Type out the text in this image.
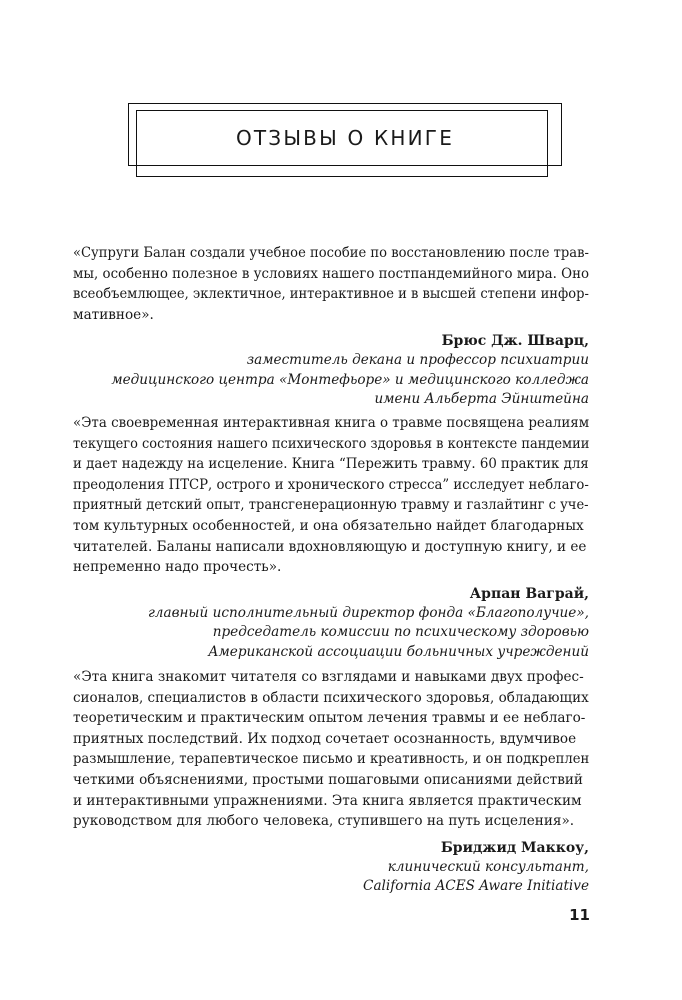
ОТЗЫВЫ О КНИГЕ

«Супруги Балан создали учебное пособие по восстановлению после трав-

мы, особенно полезное в условиях нашего постпандемийного мира. Оно

всеобъемлющее, эклектичное, интерактивное и в высшей степени инфор-

мативное».

Брюс Дж. Шварц,
заместитель декана и профессор психиатрии
медицинского центра «Монтефьоре» и медицинского колледжа
имени Альберта Эйнштейна

«Эта своевременная интерактивная книга о травме посвящена реалиям

текущего состояния нашего психического здоровья в контексте пандемии

и дает надежду на исцеление. Книга “Пережить травму. 60 практик для

преодоления ПТСР, острого и хронического стресса” исследует неблаго-

приятный детский опыт, трансгенерационную травму и газлайтинг с уче-

том культурных особенностей, и она обязательно найдет благодарных

читателей. Баланы написали вдохновляющую и доступную книгу, и ее

непременно надо прочесть».

Арпан Ваграй,
главный исполнительный директор фонда «Благополучие»,
председатель комиссии по психическому здоровью
Американской ассоциации больничных учреждений

«Эта книга знакомит читателя со взглядами и навыками двух профес-

сионалов, специалистов в области психического здоровья, обладающих

теоретическим и практическим опытом лечения травмы и ее неблаго-

приятных последствий. Их подход сочетает осознанность, вдумчивое

размышление, терапевтическое письмо и креативность, и он подкреплен

четкими объяснениями, простыми пошаговыми описаниями действий

и интерактивными упражнениями. Эта книга является практическим

руководством для любого человека, ступившего на путь исцеления».

Бриджид Маккоу,
клинический консультант,
California ACES Aware Initiative
11
